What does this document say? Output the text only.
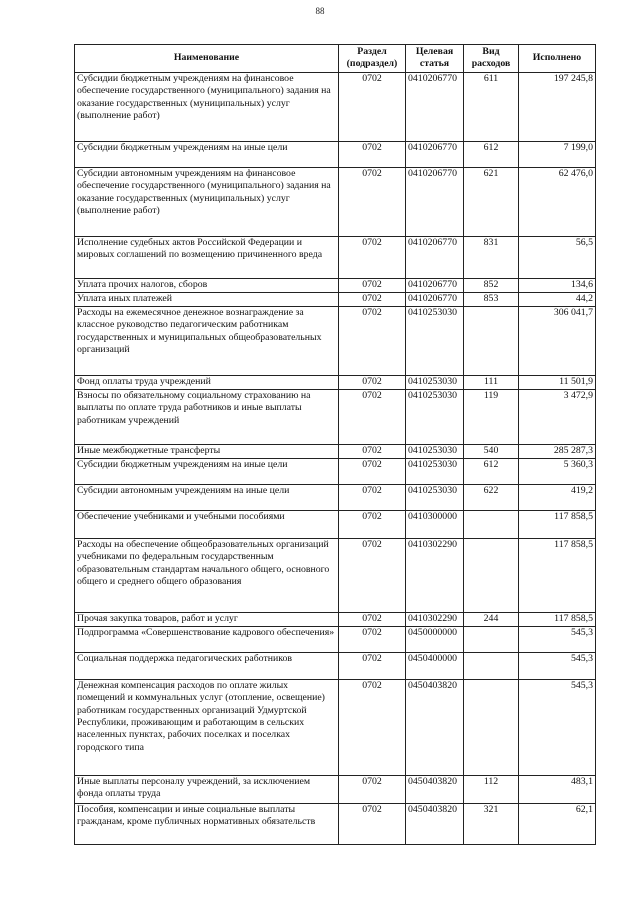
88
Наименование	Раздел (подраздел)	Целевая статья	Вид расходов	Исполнено
Субсидии бюджетным учреждениям на финансовое обеспечение государственного (муниципального) задания на оказание государственных (муниципальных) услуг (выполнение работ)	0702	0410206770	611	197 245,8
Субсидии бюджетным учреждениям на иные цели	0702	0410206770	612	7 199,0
Субсидии автономным учреждениям на финансовое обеспечение государственного (муниципального) задания на оказание государственных (муниципальных) услуг (выполнение работ)	0702	0410206770	621	62 476,0
Исполнение судебных актов Российской Федерации и мировых соглашений по возмещению причиненного вреда	0702	0410206770	831	56,5
Уплата прочих налогов, сборов	0702	0410206770	852	134,6
Уплата иных платежей	0702	0410206770	853	44,2
Расходы на ежемесячное денежное вознаграждение за классное руководство педагогическим работникам государственных и муниципальных общеобразовательных организаций	0702	0410253030		306 041,7
Фонд оплаты труда учреждений	0702	0410253030	111	11 501,9
Взносы по обязательному социальному страхованию на выплаты по оплате труда работников и иные выплаты работникам учреждений	0702	0410253030	119	3 472,9
Иные межбюджетные трансферты	0702	0410253030	540	285 287,3
Субсидии бюджетным учреждениям на иные цели	0702	0410253030	612	5 360,3
Субсидии автономным учреждениям на иные цели	0702	0410253030	622	419,2
Обеспечение учебниками и учебными пособиями	0702	0410300000		117 858,5
Расходы на обеспечение общеобразовательных организаций учебниками по федеральным государственным образовательным стандартам начального общего, основного общего и среднего общего образования	0702	0410302290		117 858,5
Прочая закупка товаров, работ и услуг	0702	0410302290	244	117 858,5
Подпрограмма «Совершенствование кадрового обеспечения»	0702	0450000000		545,3
Социальная поддержка педагогических работников	0702	0450400000		545,3
Денежная компенсация расходов по оплате жилых помещений и коммунальных услуг (отопление, освещение) работникам государственных организаций Удмуртской Республики, проживающим и работающим в сельских населенных пунктах, рабочих поселках и поселках городского типа	0702	0450403820		545,3
Иные выплаты персоналу учреждений, за исключением фонда оплаты труда	0702	0450403820	112	483,1
Пособия, компенсации и иные социальные выплаты гражданам, кроме публичных нормативных обязательств	0702	0450403820	321	62,1
